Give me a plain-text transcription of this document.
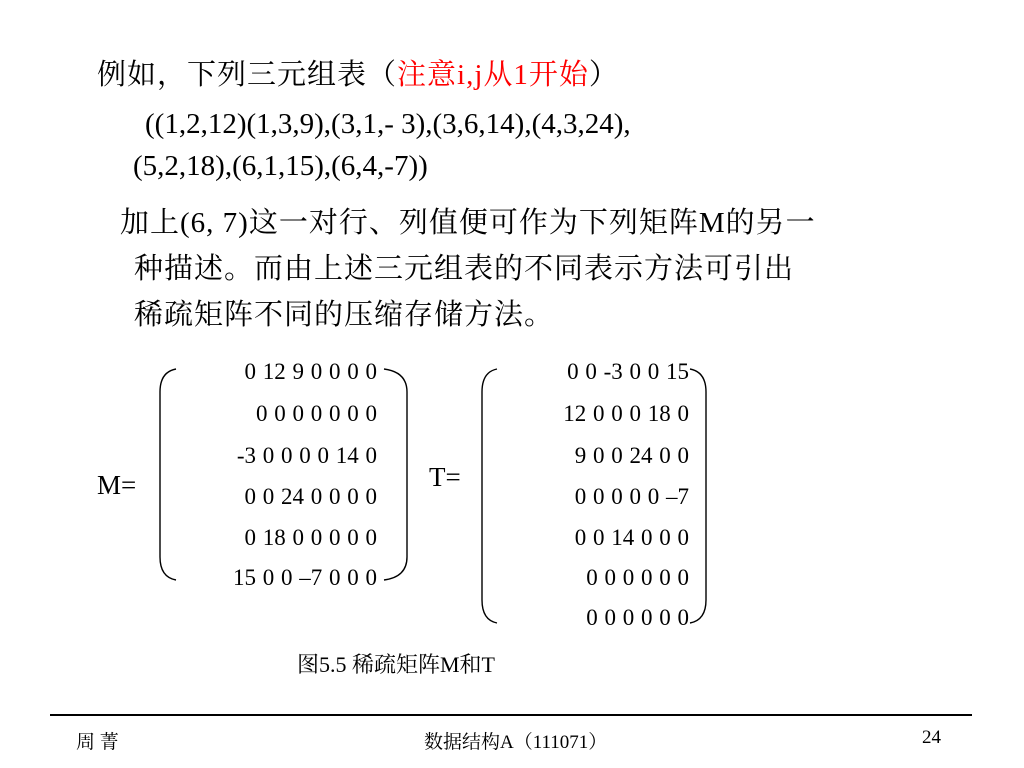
例如，下列三元组表（注意i,j从1开始）
((1,2,12)(1,3,9),(3,1,- 3),(3,6,14),(4,3,24),
(5,2,18),(6,1,15),(6,4,-7))
加上(6, 7)这一对行、列值便可作为下列矩阵M的另一
种描述。而由上述三元组表的不同表示方法可引出
稀疏矩阵不同的压缩存储方法。
M=
0 12 9 0 0 0 0
0 0 0 0 0 0 0
-3 0 0 0 0 14 0
0 0 24 0 0 0 0
0 18 0 0 0 0 0
15 0 0 –7 0 0 0
T=
0 0 -3 0 0 15
12 0 0 0 18 0
9 0 0 24 0 0
0 0 0 0 0 –7
0 0 14 0 0 0
0 0 0 0 0 0
0 0 0 0 0 0
图5.5 稀疏矩阵M和T
周 菁	数据结构A（111071）	24
